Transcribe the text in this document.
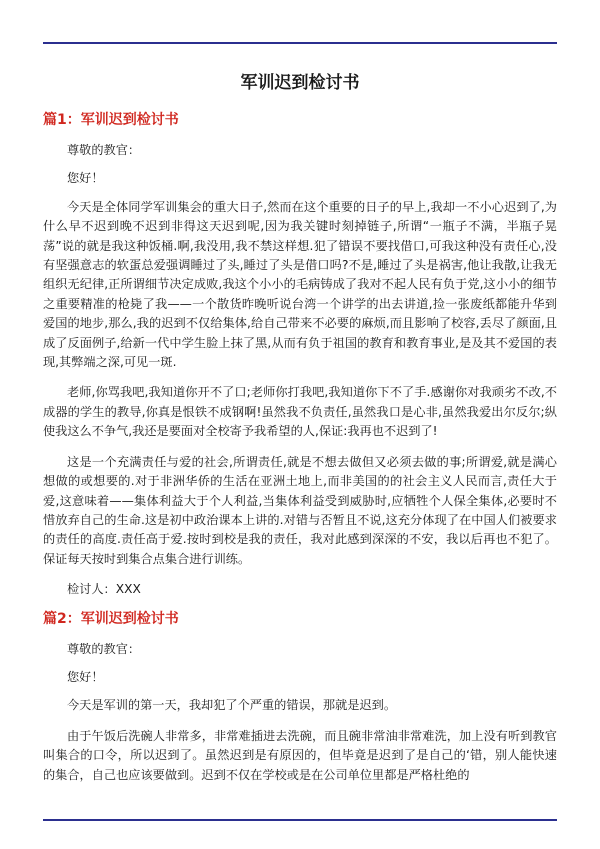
军训迟到检讨书
篇1：军训迟到检讨书
尊敬的教官：
您好！
今天是全体同学军训集会的重大日子,然而在这个重要的日子的早上,我却一不小心迟到了,为什么早不迟到晚不迟到非得这天迟到呢,因为我关键时刻掉链子,所谓“一瓶子不满，半瓶子晃荡”说的就是我这种饭桶.啊,我没用,我不禁这样想.犯了错误不要找借口,可我这种没有责任心,没有坚强意志的软蛋总爱强调睡过了头,睡过了头是借口吗?不是,睡过了头是祸害,他让我散,让我无组织无纪律,正所谓细节决定成败,我这个小小的毛病铸成了我对不起人民有负于党,这小小的细节之重要精准的枪毙了我——一个散货昨晚听说台湾一个讲学的出去讲道,捡一张废纸都能升华到爱国的地步,那么,我的迟到不仅给集体,给自己带来不必要的麻烦,而且影响了校容,丢尽了颜面,且成了反面例子,给新一代中学生脸上抹了黑,从而有负于祖国的教育和教育事业,是及其不爱国的表现,其弊端之深,可见一斑.
老师,你骂我吧,我知道你开不了口;老师你打我吧,我知道你下不了手.感谢你对我顽劣不改,不成器的学生的教导,你真是恨铁不成钢啊!虽然我不负责任,虽然我口是心非,虽然我爱出尔反尔;纵使我这么不争气,我还是要面对全校寄予我希望的人,保证:我再也不迟到了!
这是一个充满责任与爱的社会,所谓责任,就是不想去做但又必须去做的事;所谓爱,就是满心想做的或想要的.对于非洲华侨的生活在亚洲土地上,而非美国的的社会主义人民而言,责任大于爱,这意味着——集体利益大于个人利益,当集体利益受到威胁时,应牺牲个人保全集体,必要时不惜放弃自己的生命.这是初中政治课本上讲的.对错与否暂且不说,这充分体现了在中国人们被要求的责任的高度.责任高于爱.按时到校是我的责任，我对此感到深深的不安，我以后再也不犯了。保证每天按时到集合点集合进行训练。
检讨人：XXX
篇2：军训迟到检讨书
尊敬的教官：
您好！
今天是军训的第一天，我却犯了个严重的错误，那就是迟到。
由于午饭后洗碗人非常多，非常难插进去洗碗，而且碗非常油非常难洗，加上没有听到教官叫集合的口令，所以迟到了。虽然迟到是有原因的，但毕竟是迟到了是自己的‘错，别人能快速的集合，自己也应该要做到。迟到不仅在学校或是在公司单位里都是严格杜绝的
